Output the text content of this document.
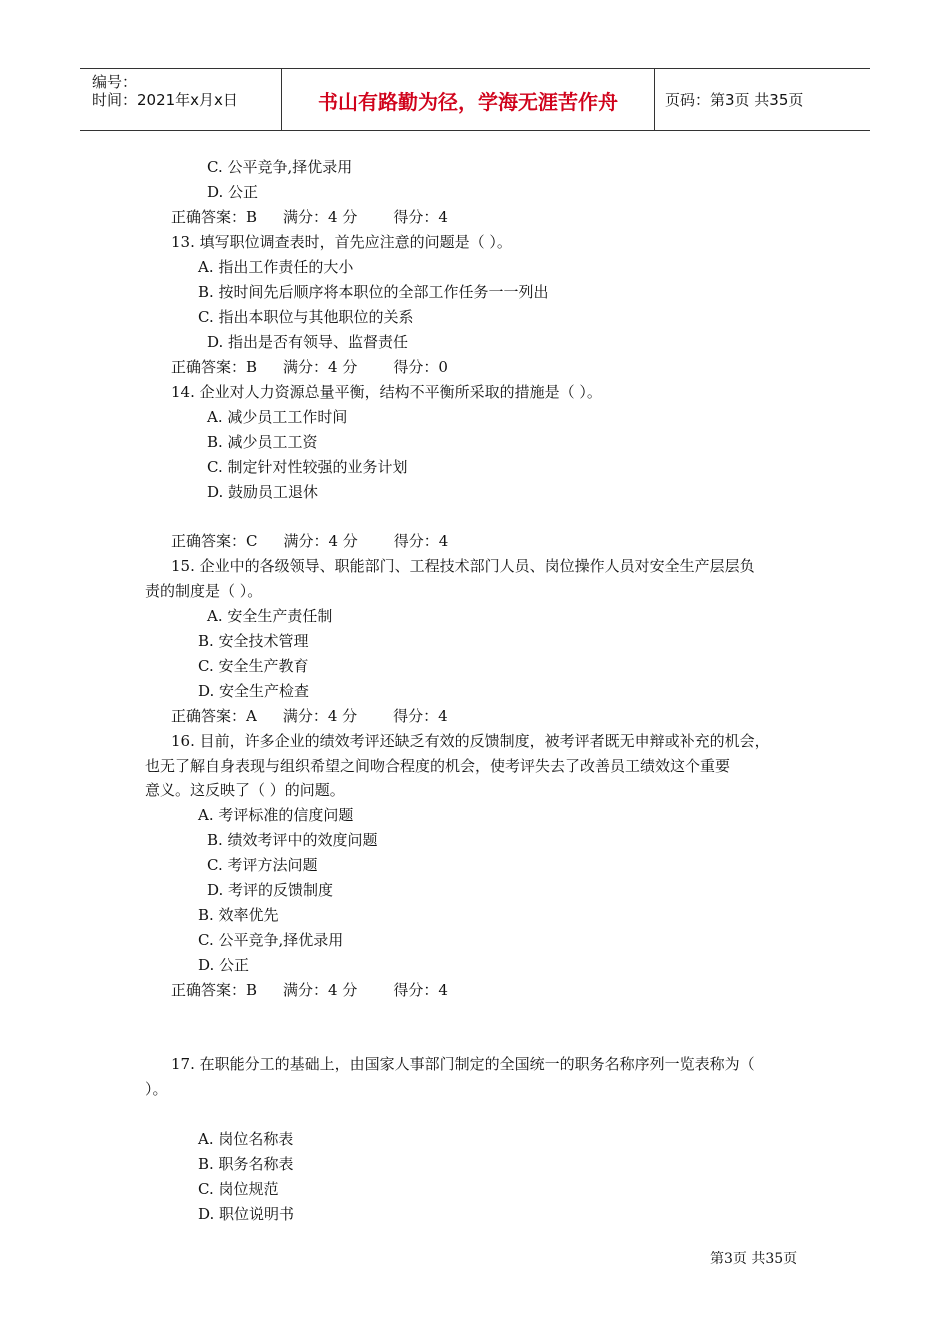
编号：
时间：2021年x月x日	书山有路勤为径，学海无涯苦作舟	页码：第3页 共35页
C. 公平竞争,择优录用
D. 公正
正确答案：B 满分：4 分 得分：4
13. 填写职位调查表时，首先应注意的问题是（ ）。
A. 指出工作责任的大小
B. 按时间先后顺序将本职位的全部工作任务一一列出
C. 指出本职位与其他职位的关系
D. 指出是否有领导、监督责任
正确答案：B 满分：4 分 得分：0
14. 企业对人力资源总量平衡，结构不平衡所采取的措施是（ ）。
A. 减少员工工作时间
B. 减少员工工资
C. 制定针对性较强的业务计划
D. 鼓励员工退休
正确答案：C 满分：4 分 得分：4
15. 企业中的各级领导、职能部门、工程技术部门人员、岗位操作人员对安全生产层层负
责的制度是（ ）。
A. 安全生产责任制
B. 安全技术管理
C. 安全生产教育
D. 安全生产检查
正确答案：A 满分：4 分 得分：4
16. 目前，许多企业的绩效考评还缺乏有效的反馈制度，被考评者既无申辩或补充的机会，
也无了解自身表现与组织希望之间吻合程度的机会，使考评失去了改善员工绩效这个重要
意义。这反映了（ ）的问题。
A. 考评标准的信度问题
B. 绩效考评中的效度问题
C. 考评方法问题
D. 考评的反馈制度
B. 效率优先
C. 公平竞争,择优录用
D. 公正
正确答案：B 满分：4 分 得分：4
17. 在职能分工的基础上，由国家人事部门制定的全国统一的职务名称序列一览表称为（
）。
A. 岗位名称表
B. 职务名称表
C. 岗位规范
D. 职位说明书
第3页 共35页
